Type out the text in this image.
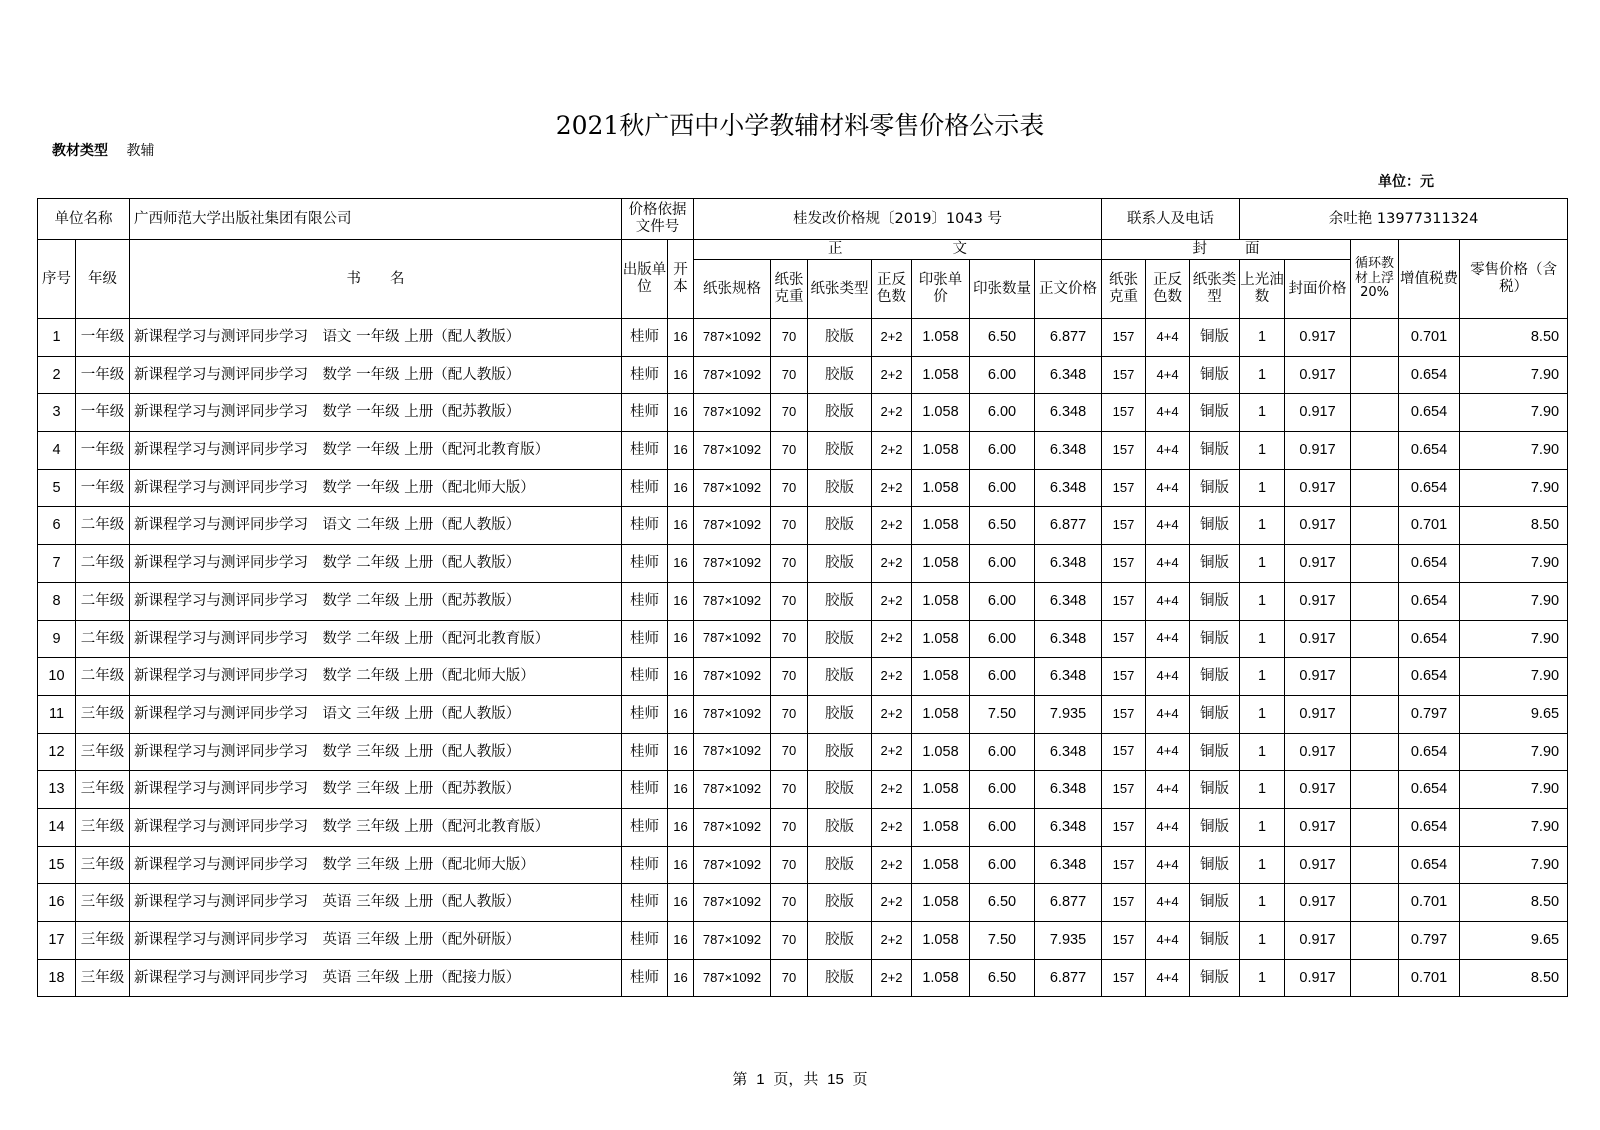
2021秋广西中小学教辅材料零售价格公示表
教材类型 教辅
单位：元
单位名称		广西师范大学出版社集团有限公司	价格依据文件号		桂发改价格规〔2019〕1043 号							联系人及电话			余吐艳 13977311324				
序号	年级	书　　名	出版单位	开本	正文							封面					循环教材上浮20%	增值税费	零售价格（含税）
					纸张规格	纸张克重	纸张类型	正反色数	印张单价	印张数量	正文价格	纸张克重	正反色数	纸张类型	上光油数	封面价格			
1	一年级	新课程学习与测评同步学习　语文 一年级 上册（配人教版）	桂师	16	787×1092	70	胶版	2+2	1.058	6.50	6.877	157	4+4	铜版	1	0.917		0.701	8.50
2	一年级	新课程学习与测评同步学习　数学 一年级 上册（配人教版）	桂师	16	787×1092	70	胶版	2+2	1.058	6.00	6.348	157	4+4	铜版	1	0.917		0.654	7.90
3	一年级	新课程学习与测评同步学习　数学 一年级 上册（配苏教版）	桂师	16	787×1092	70	胶版	2+2	1.058	6.00	6.348	157	4+4	铜版	1	0.917		0.654	7.90
4	一年级	新课程学习与测评同步学习　数学 一年级 上册（配河北教育版）	桂师	16	787×1092	70	胶版	2+2	1.058	6.00	6.348	157	4+4	铜版	1	0.917		0.654	7.90
5	一年级	新课程学习与测评同步学习　数学 一年级 上册（配北师大版）	桂师	16	787×1092	70	胶版	2+2	1.058	6.00	6.348	157	4+4	铜版	1	0.917		0.654	7.90
6	二年级	新课程学习与测评同步学习　语文 二年级 上册（配人教版）	桂师	16	787×1092	70	胶版	2+2	1.058	6.50	6.877	157	4+4	铜版	1	0.917		0.701	8.50
7	二年级	新课程学习与测评同步学习　数学 二年级 上册（配人教版）	桂师	16	787×1092	70	胶版	2+2	1.058	6.00	6.348	157	4+4	铜版	1	0.917		0.654	7.90
8	二年级	新课程学习与测评同步学习　数学 二年级 上册（配苏教版）	桂师	16	787×1092	70	胶版	2+2	1.058	6.00	6.348	157	4+4	铜版	1	0.917		0.654	7.90
9	二年级	新课程学习与测评同步学习　数学 二年级 上册（配河北教育版）	桂师	16	787×1092	70	胶版	2+2	1.058	6.00	6.348	157	4+4	铜版	1	0.917		0.654	7.90
10	二年级	新课程学习与测评同步学习　数学 二年级 上册（配北师大版）	桂师	16	787×1092	70	胶版	2+2	1.058	6.00	6.348	157	4+4	铜版	1	0.917		0.654	7.90
11	三年级	新课程学习与测评同步学习　语文 三年级 上册（配人教版）	桂师	16	787×1092	70	胶版	2+2	1.058	7.50	7.935	157	4+4	铜版	1	0.917		0.797	9.65
12	三年级	新课程学习与测评同步学习　数学 三年级 上册（配人教版）	桂师	16	787×1092	70	胶版	2+2	1.058	6.00	6.348	157	4+4	铜版	1	0.917		0.654	7.90
13	三年级	新课程学习与测评同步学习　数学 三年级 上册（配苏教版）	桂师	16	787×1092	70	胶版	2+2	1.058	6.00	6.348	157	4+4	铜版	1	0.917		0.654	7.90
14	三年级	新课程学习与测评同步学习　数学 三年级 上册（配河北教育版）	桂师	16	787×1092	70	胶版	2+2	1.058	6.00	6.348	157	4+4	铜版	1	0.917		0.654	7.90
15	三年级	新课程学习与测评同步学习　数学 三年级 上册（配北师大版）	桂师	16	787×1092	70	胶版	2+2	1.058	6.00	6.348	157	4+4	铜版	1	0.917		0.654	7.90
16	三年级	新课程学习与测评同步学习　英语 三年级 上册（配人教版）	桂师	16	787×1092	70	胶版	2+2	1.058	6.50	6.877	157	4+4	铜版	1	0.917		0.701	8.50
17	三年级	新课程学习与测评同步学习　英语 三年级 上册（配外研版）	桂师	16	787×1092	70	胶版	2+2	1.058	7.50	7.935	157	4+4	铜版	1	0.917		0.797	9.65
18	三年级	新课程学习与测评同步学习　英语 三年级 上册（配接力版）	桂师	16	787×1092	70	胶版	2+2	1.058	6.50	6.877	157	4+4	铜版	1	0.917		0.701	8.50
第 1 页，共 15 页
